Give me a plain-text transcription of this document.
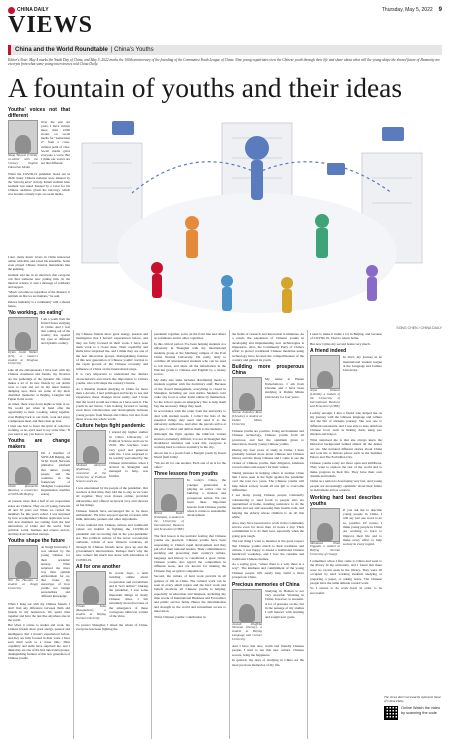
CHINA DAILY	Thursday, May 5, 2022 9
VIEWS
China and the World Roundtable | China's Youths
Editor's Note: May 4 marks the Youth Day of China, and May 5, 2022 marks the 100th anniversary of the founding of the Communist Youth League of China. Nine young expatriates view the Chinese youth through their life and share about what will the young shape the shared future of Humanity are excerpts from what some young interviewees told China Daily.
A fountain of youths and their ideas
SONG CHEN / CHINA DAILY
Youths' voices not that different
Wang Yingwei (China), co-editor with the Century English Education Media

Over the past six years, I have written more than 2,000 stories on social media for "Generation Z" from a cross-cultural point of view. Social media gives everyone a voice. But I think our voices are not that different.

When the COVID-19 pandemic broke out in 2020, many Chinese netizens were amazed by the "balcony arias" in Italy. Italian violinist Aldo Giuliani was asked listened by a voice for his Chinese audience (from his balcony), which was became a timely topic on social media.

Later, many music lovers in China interacted online with him, and saved his ensemble. Some even played Chinese musical instruments like the guzheng.

Giuliani told me in an interview that everyone can find someone new joining him. In the musical science, it sent a message of solidarity and support.

"Music can unite us regardless of the distance; it reminds us that we are humans," he said.

Indeed, humanity is a community with a shared future.

'No working, no eating'
Dylan Justin Walker (US), a master's student at Tsinghua University

I am a youth from the United States studying in China. And I feel that coming out of the country has opened my eyes to different and dynamic country.

Like all the entrepreneurs I have had, with my Chinese classmates and friends, my favorites are the gatherings of the dynamic life. China makes a lot of its new friends by our dorms were to cook and eat. In my usual Sunday dumping spot, these are some of my most cherished memories at Beijing, Liangtan and Fujian in the world.

At times, there were down nights or time at us. We would put when in hand offer the opportunity to meet. Cooking, eating together, even Beijing back to our dorm, cook and enjoy a sumptuous meal, and then clean up later.

I tried one best to foster the spirit of collective working, as no, and I used to say at the time, "If you want to eat, you have to work."

Youths are change makers
Okeke Ifesinachu (Russia), a researcher at SOYLAB, Beijing

I'm a member of SOYLAB Beijing, the SCIO Youth Network (initiative platform that unites young people and the countries in the framework of Shanghai Cooperation Organization member states).

At present, more than a half of our cooperation states are Chinese. They are all young, between 20 and 30 years old. When we carried the members for this year's cohort, I was surprised by how accomplished Chinese applicants were. Our new members are coming from the best universities of China and the world, from political, social, business and science sectors, and they have launched startups.

Youths shape the future
Nili Da Hussain, a student at Tongji University

At Tongji University, I was amazed by the young Chinese for their academic anxiety. What surprised me more was their optimal environment for us, that broke my stereotype of how youths not benign personalities and different knowledge.

When I hang out with my Chinese friends, I don't find any difference between them and friends in my hometown. We spend time together and have the just like anywhere else in the world.

But when it comes to studies and work, my Chinese friends show great energy, passion and intelligence that I haven't experienced before, and they are fully focused in their work. I have seen them work to a closer time. Their capability and skills have surprised me, and I think they are one of the best innovation groups, distinguishing features of this new generation of Chinese youths.

my Chinese friends show great energy, passion and intelligence that I haven't experienced before, and they are fully focused in their work. I have seen them work to a closer time. Their capability and skills have surprised me, and I think they are one of the best innovation groups, distinguishing features of this new generation of Chinese youths' traction to the rapid growth of the Chinese economy and influence of China on the international stage.

It is very important to understand the distinct characteristics and attach due importance to China's youths, who will shape the country's future.

As a Russian student studying in China for more than a decade, I feel privileged and lucky to see and experience these changes more easily, and I hope that the world would see China as I have seen it. The youth in our future, I am looking forward to seeing even more collaboration and development between young people from Russia and China, but also from those across the whole world.

Culture helps fight pandemic
Shahzad Aleriyeva (Pakistan), a researcher at the University of Political Science and Law

I started my higher studies in China University of Political Science and Law in 2019. The teachers were very good and generous with me. I was surprised to be warmly welcomed by the Chinese universities when I arrived in Shanghai and managed to help, was fruitful.

I was entertained by the people of the pandemic. Our teachers at that time, they told me to stay as we were all together. They took classes online, provided universities and offered reciprocal love and showed us fun things.

Chinese friends have encouraged me to be more enthusiastic. We have enjoyed special occasion with milk, almonds, peanuts and other ingredients.

I have realized that Chinese culture and traditional values are helpful in fighting the COVID-19 pandemic and recovering fast in the post-pandemic era. The political culture of the novel coronavirus outbreak, rollout of new Western countries, all through its Chinese friends never gave up and the government's interventions. Perhaps that's why the new comers felt much less alone with adversities of COVID-19.

All for one another
Pritam Saha (Bangladesh), a student at Beijing Normal University

In recent days, a term trending online about cooperation and recruitment and is "let's deliver". During the pandemic, I saw some important things in many Chinese cities, I felt extremely moved because of the emergence of these contagious Omicron variant of the virus.

To protect Shanghai, I slited the whole of China, everyone has been fighting the

pandemic together, solve on the front line and others as volunteers and in other capacities.

In this critical period, I've been helping students at a university in Shanghai with my international students group at the Shizhang campus of the East China Normal University. I'm really daily to combine all international students who can be used to tell more, and share all the information in the WeChat group to Chinese and English by a beauty source.

My daily also tasks includes distributing meals to students together with the dormitory staff. Because of the closed management, everything is closed in Shanghai, including our own dorms. Students can't order any food or other items online by themselves. So the school opens an emergency line to help them buy the necessary things they need.

In accordance with the order from the university to deal with student needs, I collect the lists of the essential things they need and send it to the university authorities. And after the parcels arrive at the gate, I collect and deliver them to the students.

Although the fight against the Omicron variant strain is extremely difficult, it is not in Shanghai that shouldered anxieties and work life, everyone is working hard to restore normalcy in the city.

Above me is a poem from a Bengali poem by Kazzi Nuruf (half Islm):

"We are all for one another. Each one of us is for the other."

Three lessons from youths
Biresh Kader (Ethiopia), a student at the University of International Business and Economics (UIBE)

In today's China, the younger generation is playing an active role in building a modern and prosperous nation. We can learn three important lessons from Chinese youths when it comes to sustainable development.

The first lesson is the patriotic feeling that Chinese youths are practical. Chinese youths have been responding to China's rapid development and they put all of their national leaders. Their commitment to studying and protecting their country's culture, language and history is considered a great virtue. Chinese youths also regard the competition in different areas, and are known for making the Chinese flag on global competitions.

Second, the culture of hard work prevails in all spheres of life in China. The cultural work can be seen in every small region and the hard work and beliefs motivate all Chinese youths is helping, especially in education and business, including my time words of International Business and Economics and public service fields. Hence the determination and strength in the world and investment access to innovation.

Third, Chinese youths' contribution in

the fields of research and innovation is immense. As a result, the expansion of Chinese youths in developing and implementing new technologies is impressive. Also, the Community Party of China's effort to protect traditional Chinese medicine using technology have boosted the competitiveness of the country and gained its youth.

Building more prosperous China
Nemon Zulaobov Reno (Ukraine), a student at Dalian Minzu University

My name is Hanan Nalaobahova. I am from Ukraine and I have been studying at Dalian Minzu University for four years.

Chinese youths are positive. Using environment and Chinese technology, Chinese youths from all provinces, and feel the optimism given to innovation, mostly young Chinese youths.

During my four years of study in China, I have gradually learned more about Chinese and Chinese history and the many Chinese and I came to see the virtues of Chinese youths, their diligence, kindness toward others and respect for their values.

Taking pleasure in helping others is another virtue that I have seen is the fight against the pandemic over the past two years. The Chinese youths will help defeat society would all one gift to overcome difficulties.

I see many young Chinese people voluntarily volunteering to send foods to people who are quarantined at home, standing resistance to do the medals and test and assessing their health code, and helping the elderly whose children to do all this while.

Also, they have been hard to work in the community service even for more than 12 hours a day. Their commitment is to do their best, especially when the going gets tough.

The last thing I want to mention is the great respect that Chinese youths attach to their traditions and culture. I was happy to attend a traditional Chinese handicraft workshop, and I love the customs and traditional Chinese themes.

As a saying goes, "where there is a will, there is a way". The kindness and commitment of the young Chinese people will surely help build a more prosperous China.

Precious memories of China
Jannah Zhaffeba Shivanta (Turkey), a student at Beijing Language and Culture University

Studying in Hainan is not very stressful. Working in China, however, is stressful. A lot of pressure on me, but in the passage of my studies I still interact with learning and sought new goals.

And I have met new, warm and friendly Chinese people, I start to see this new culture. Chinese secrets, bring me happiness.

In general, my days of studying in China are the most precious memories of my life.

I used to make it home a lot in Beijing, and because of COVID-19, I had to return home.

But now I miss my second home very much.

A friend indeed
Arjan Volkova (Lebriki), a student of the University of International Business and Economics (UIBE)

In 2021, my journey in an international student league at the Language and Culture University.

Luckily enough, I met a friend who helped me on my journey with the Chinese language and culture and the life of students journey. She was one to different restaurants, and I was able to taste delicious Chinese food, such as Peking duck, kung pao chicken and hotpot.

What surprised me is that she always knew the historical background behind almost all the dishes we ate. She narrated different stories about China and took me to famous places such as the Summer Palace and The Forbidden City.

Chinese youths today are more open and ambitious. They want to explore the rest of the world and to make progress in their life. They have their own dreams and beliefs.

China as a nation is developing very fast. And young people are increasingly optimistic about their future as individuals and as a nation.

Working hard best describes youths
Mohamed Jihad Elggada, a student at Beijing Normal University of Change

If you ask me to describe young people in China, I will say just one word to do so, positive. Of course, I think young people in China are working so hard to improve their life and to make every effort to help society in every regard.

I remember when I first came to China and went to the library in my university, and I found that there were no vacant seats in the library. They were all occupied by hard working students studying or preparing a paper, or taking notes. The Chinese people have the same attitude toward work.

So I started to do work hard, in order to be successful.

The views don't necessarily represent those of China Daily.
Online Watch the video by scanning the code
